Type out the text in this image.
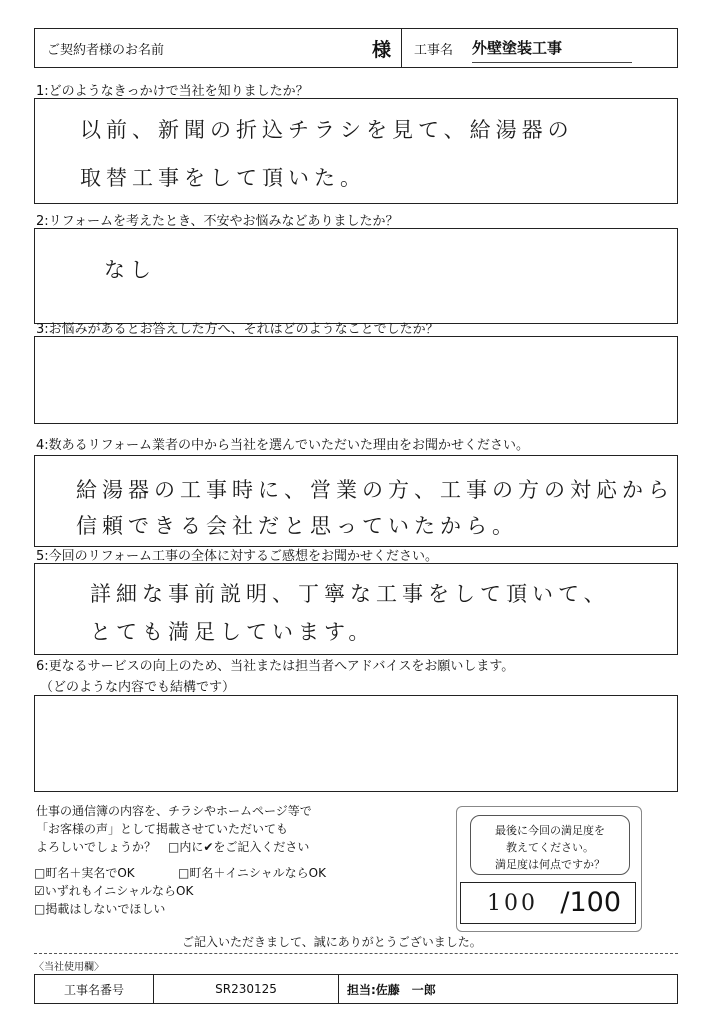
ご契約者様のお名前	様 工事名 外壁塗装工事
1:どのようなきっかけで当社を知りましたか？
以前、新聞の折込チラシを見て、給湯器の
取替工事をして頂いた。
2:リフォームを考えたとき、不安やお悩みなどありましたか？
なし
3:お悩みがあるとお答えした方へ、それはどのようなことでしたか？
4:数あるリフォーム業者の中から当社を選んでいただいた理由をお聞かせください。
給湯器の工事時に、営業の方、工事の方の対応から
信頼できる会社だと思っていたから。
5:今回のリフォーム工事の全体に対するご感想をお聞かせください。
詳細な事前説明、丁寧な工事をして頂いて、
とても満足しています。
6:更なるサービスの向上のため、当社または担当者へアドバイスをお願いします。
（どのような内容でも結構です）
仕事の通信簿の内容を、チラシやホームページ等で
「お客様の声」として掲載させていただいても
よろしいでしょうか？　□内に✔をご記入ください
□町名＋実名でOK	□町名＋イニシャルならOK
☑いずれもイニシャルならOK
□掲載はしないでほしい
最後に今回の満足度を
教えてください。
満足度は何点ですか？
100 /100
ご記入いただきまして、誠にありがとうございました。
〈当社使用欄〉
工事名番号	SR230125	担当:佐藤　一郎
